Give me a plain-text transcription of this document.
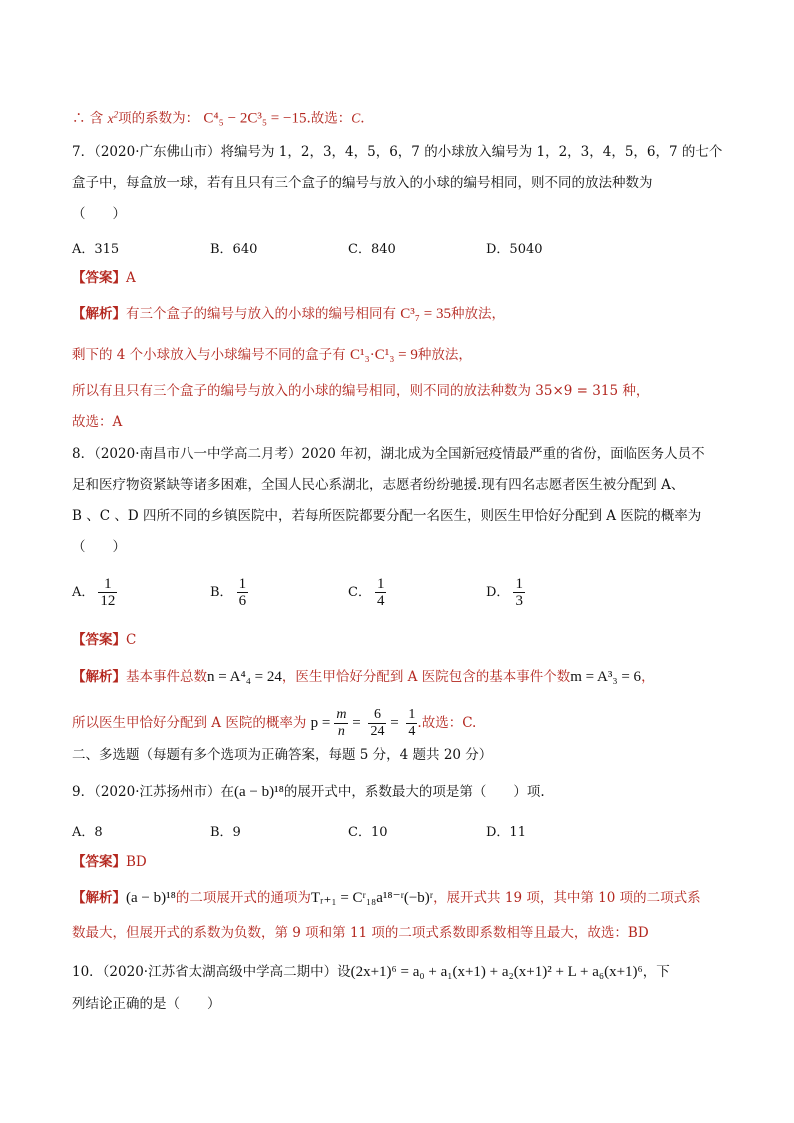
∴ 含 $x^2$项的系数为： C⁴₅ − 2C³₅ = −15.故选：C.
7．（2020·广东佛山市）将编号为 1，2，3，4，5，6，7 的小球放入编号为 1，2，3，4，5，6，7 的七个
盒子中，每盒放一球，若有且只有三个盒子的编号与放入的小球的编号相同，则不同的放法种数为
（　　）
A．315	B．640	C．840	D．5040
【答案】A
【解析】有三个盒子的编号与放入的小球的编号相同有 C³₇ = 35种放法，
剩下的 4 个小球放入与小球编号不同的盒子有 C¹₃·C¹₃ = 9种放法，
所以有且只有三个盒子的编号与放入的小球的编号相同，则不同的放法种数为 35×9 = 315 种，
故选：A
8．（2020·南昌市八一中学高二月考）2020 年初，湖北成为全国新冠疫情最严重的省份，面临医务人员不
足和医疗物资紧缺等诸多困难，全国人民心系湖北，志愿者纷纷驰援.现有四名志愿者医生被分配到 A、
B 、C 、D 四所不同的乡镇医院中，若每所医院都要分配一名医生，则医生甲恰好分配到 A 医院的概率为
（　　）
A． $\frac{1}{12}$	B． $\frac{1}{6}$	C． $\frac{1}{4}$	D． $\frac{1}{3}$
【答案】C
【解析】基本事件总数n = A⁴₄ = 24，医生甲恰好分配到 A 医院包含的基本事件个数m = A³₃ = 6，
所以医生甲恰好分配到 A 医院的概率为 $p = \frac{m}{n} = \frac{6}{24} = \frac{1}{4}$ .故选：C.
二、多选题（每题有多个选项为正确答案，每题 5 分，4 题共 20 分）
9．（2020·江苏扬州市）在(a − b)¹⁸的展开式中，系数最大的项是第（　　）项.
A．8	B．9	C．10	D．11
【答案】BD
【解析】(a − b)¹⁸的二项展开式的通项为Tᵣ₊₁ = Cʳ₁₈a¹⁸⁻ʳ(−b)ʳ，展开式共 19 项，其中第 10 项的二项式系
数最大，但展开式的系数为负数，第 9 项和第 11 项的二项式系数即系数相等且最大，故选：BD
10．（2020·江苏省太湖高级中学高二期中）设(2x+1)⁶ = a₀ + a₁(x+1) + a₂(x+1)² + L + a₆(x+1)⁶，下
列结论正确的是（　　）
